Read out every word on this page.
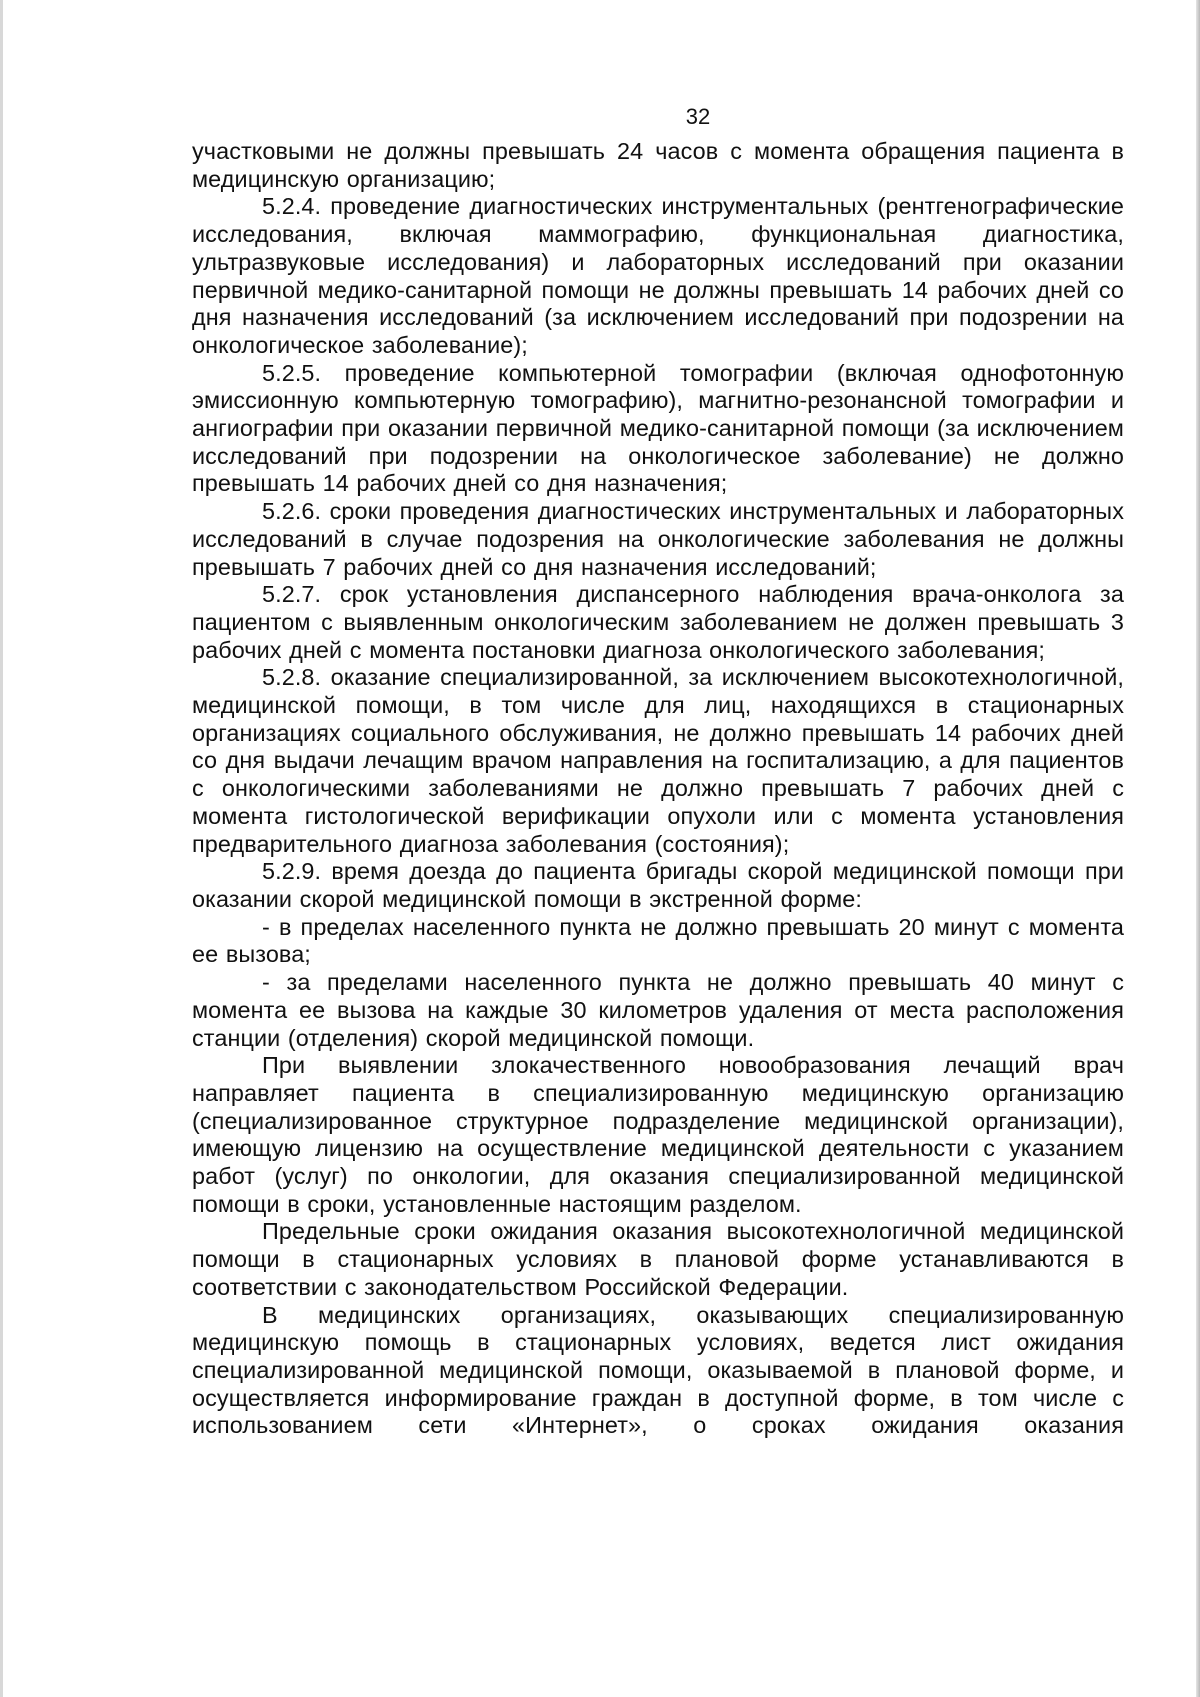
32

участковыми не должны превышать 24 часов с момента обращения пациента в медицинскую организацию;

5.2.4. проведение диагностических инструментальных (рентгенографические исследования, включая маммографию, функциональная диагностика, ультразвуковые исследования) и лабораторных исследований при оказании первичной медико-санитарной помощи не должны превышать 14 рабочих дней со дня назначения исследований (за исключением исследований при подозрении на онкологическое заболевание);

5.2.5. проведение компьютерной томографии (включая однофотонную эмиссионную компьютерную томографию), магнитно-резонансной томографии и ангиографии при оказании первичной медико-санитарной помощи (за исключением исследований при подозрении на онкологическое заболевание) не должно превышать 14 рабочих дней со дня назначения;

5.2.6. сроки проведения диагностических инструментальных и лабораторных исследований в случае подозрения на онкологические заболевания не должны превышать 7 рабочих дней со дня назначения исследований;

5.2.7. срок установления диспансерного наблюдения врача-онколога за пациентом с выявленным онкологическим заболеванием не должен превышать 3 рабочих дней с момента постановки диагноза онкологического заболевания;

5.2.8. оказание специализированной, за исключением высокотехнологичной, медицинской помощи, в том числе для лиц, находящихся в стационарных организациях социального обслуживания, не должно превышать 14 рабочих дней со дня выдачи лечащим врачом направления на госпитализацию, а для пациентов с онкологическими заболеваниями не должно превышать 7 рабочих дней с момента гистологической верификации опухоли или с момента установления предварительного диагноза заболевания (состояния);

5.2.9. время доезда до пациента бригады скорой медицинской помощи при оказании скорой медицинской помощи в экстренной форме:

- в пределах населенного пункта не должно превышать 20 минут с момента ее вызова;

- за пределами населенного пункта не должно превышать 40 минут с момента ее вызова на каждые 30 километров удаления от места расположения станции (отделения) скорой медицинской помощи.

При выявлении злокачественного новообразования лечащий врач направляет пациента в специализированную медицинскую организацию (специализированное структурное подразделение медицинской организации), имеющую лицензию на осуществление медицинской деятельности с указанием работ (услуг) по онкологии, для оказания специализированной медицинской помощи в сроки, установленные настоящим разделом.

Предельные сроки ожидания оказания высокотехнологичной медицинской помощи в стационарных условиях в плановой форме устанавливаются в соответствии с законодательством Российской Федерации.

В медицинских организациях, оказывающих специализированную медицинскую помощь в стационарных условиях, ведется лист ожидания специализированной медицинской помощи, оказываемой в плановой форме, и осуществляется информирование граждан в доступной форме, в том числе с использованием сети «Интернет», о сроках ожидания оказания
